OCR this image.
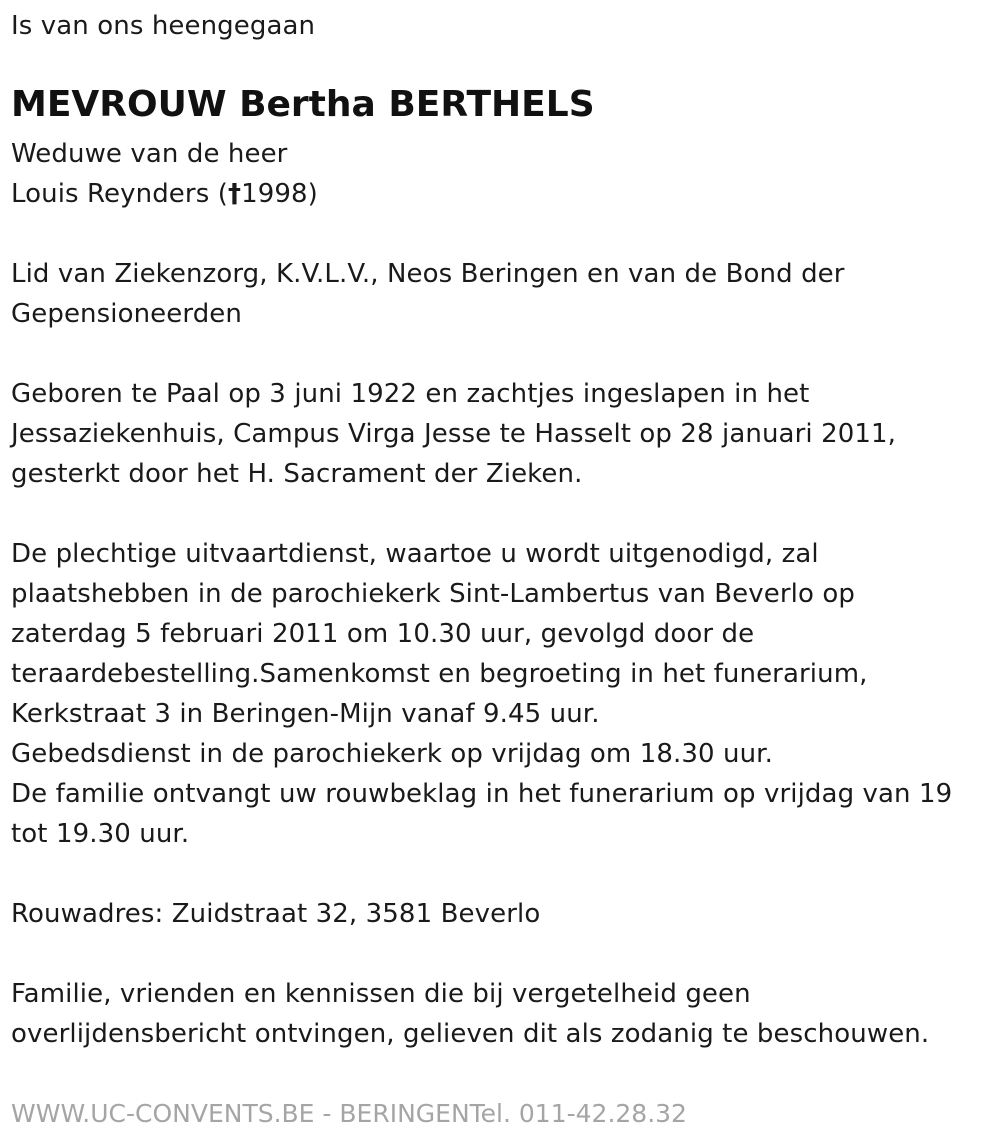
Is van ons heengegaan
MEVROUW Bertha BERTHELS
Weduwe van de heer
Louis Reynders (†1998)
Lid van Ziekenzorg, K.V.L.V., Neos Beringen en van de Bond der
Gepensioneerden
Geboren te Paal op 3 juni 1922 en zachtjes ingeslapen in het
Jessaziekenhuis, Campus Virga Jesse te Hasselt op 28 januari 2011,
gesterkt door het H. Sacrament der Zieken.
De plechtige uitvaartdienst, waartoe u wordt uitgenodigd, zal
plaatshebben in de parochiekerk Sint-Lambertus van Beverlo op
zaterdag 5 februari 2011 om 10.30 uur, gevolgd door de
teraardebestelling.Samenkomst en begroeting in het funerarium,
Kerkstraat 3 in Beringen-Mijn vanaf 9.45 uur.
Gebedsdienst in de parochiekerk op vrijdag om 18.30 uur.
De familie ontvangt uw rouwbeklag in het funerarium op vrijdag van 19
tot 19.30 uur.
Rouwadres: Zuidstraat 32, 3581 Beverlo
Familie, vrienden en kennissen die bij vergetelheid geen
overlijdensbericht ontvingen, gelieven dit als zodanig te beschouwen.
WWW.UC-CONVENTS.BE - BERINGENTel. 011-42.28.32
